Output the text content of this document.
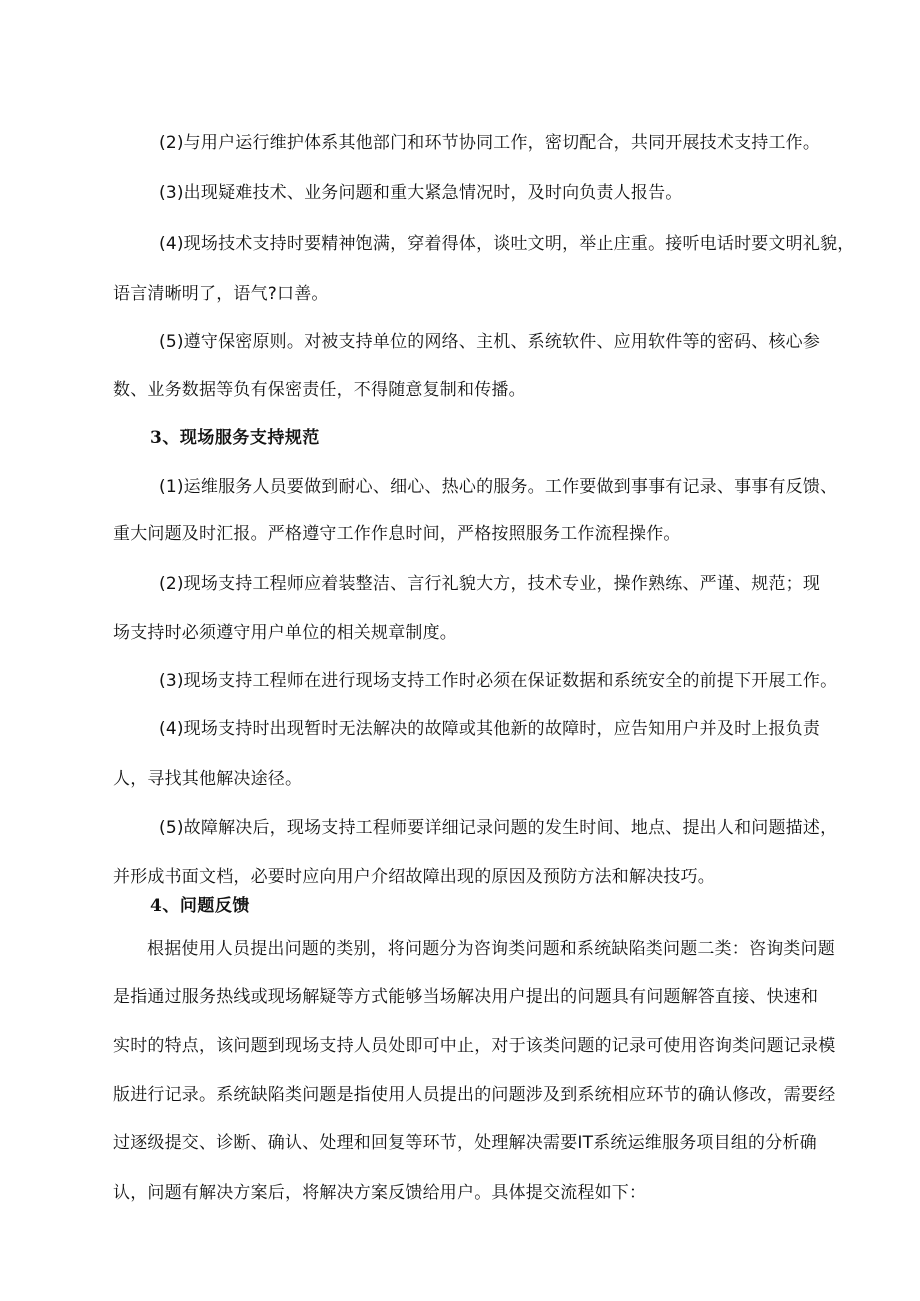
(2)与用户运行维护体系其他部门和环节协同工作，密切配合，共同开展技术支持工作。
(3)出现疑难技术、业务问题和重大紧急情况时，及时向负责人报告。
(4)现场技术支持时要精神饱满，穿着得体，谈吐文明，举止庄重。接听电话时要文明礼貌，
语言清晰明了，语气?口善。
(5)遵守保密原则。对被支持单位的网络、主机、系统软件、应用软件等的密码、核心参
数、业务数据等负有保密责任，不得随意复制和传播。
3、现场服务支持规范
(1)运维服务人员要做到耐心、细心、热心的服务。工作要做到事事有记录、事事有反馈、
重大问题及时汇报。严格遵守工作作息时间，严格按照服务工作流程操作。
(2)现场支持工程师应着装整洁、言行礼貌大方，技术专业，操作熟练、严谨、规范；现
场支持时必须遵守用户单位的相关规章制度。
(3)现场支持工程师在进行现场支持工作时必须在保证数据和系统安全的前提下开展工作。
(4)现场支持时出现暂时无法解决的故障或其他新的故障时，应告知用户并及时上报负责
人，寻找其他解决途径。
(5)故障解决后，现场支持工程师要详细记录问题的发生时间、地点、提出人和问题描述，
并形成书面文档，必要时应向用户介绍故障出现的原因及预防方法和解决技巧。
4、问题反馈
根据使用人员提出问题的类别，将问题分为咨询类问题和系统缺陷类问题二类：咨询类问题
是指通过服务热线或现场解疑等方式能够当场解决用户提出的问题具有问题解答直接、快速和
实时的特点，该问题到现场支持人员处即可中止，对于该类问题的记录可使用咨询类问题记录模
版进行记录。系统缺陷类问题是指使用人员提出的问题涉及到系统相应环节的确认修改，需要经
过逐级提交、诊断、确认、处理和回复等环节，处理解决需要IT系统运维服务项目组的分析确
认，问题有解决方案后，将解决方案反馈给用户。具体提交流程如下：
